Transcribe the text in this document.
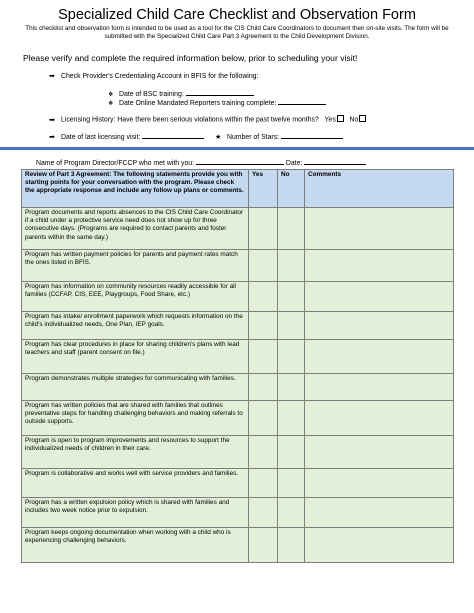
Specialized Child Care Checklist and Observation Form
This checklist and observation form is intended to be used as a tool for the CIS Child Care Coordinators to document their on-site visits. The form will be submitted with the Specialized Child Care Part 3 Agreement to the Child Development Division.
Please verify and complete the required information below, prior to scheduling your visit!
➡ Check Provider's Credentialing Account in BFIS for the following:
❖ Date of BSC training:
❖ Date Online Mandated Reporters training complete:
➡ Licensing History: Have there been serious violations within the past twelve months? Yes No
➡ Date of last licensing visit:	★ Number of Stars:
Name of Program Director/FCCP who met with you:	Date:
Review of Part 3 Agreement: The following statements provide you with starting points for your conversation with the program. Please check the appropriate response and include any follow up plans or comments.	Yes	No	Comments
Program documents and reports absences to the CIS Child Care Coordinator if a child under a protective service need does not show up for three consecutive days. (Programs are required to contact parents and foster parents within the same day.)			
Program has written payment policies for parents and payment rates match the ones listed in BFIS.			
Program has information on community resources readily accessible for all families (CCFAP, CIS, EEE, Playgroups, Food Share, etc.)			
Program has intake/ enrollment paperwork which requests information on the child's individualized needs, One Plan, IEP goals.			
Program has clear procedures in place for sharing children's plans with lead teachers and staff (parent consent on file.)			
Program demonstrates multiple strategies for communicating with families.			
Program has written policies that are shared with families that outlines preventative steps for handling challenging behaviors and making referrals to outside supports.			
Program is open to program improvements and resources to support the individualized needs of children in their care.			
Program is collaborative and works well with service providers and families.			
Program has a written expulsion policy which is shared with families and includes two week notice prior to expulsion.			
Program keeps ongoing documentation when working with a child who is experiencing challenging behaviors.			
